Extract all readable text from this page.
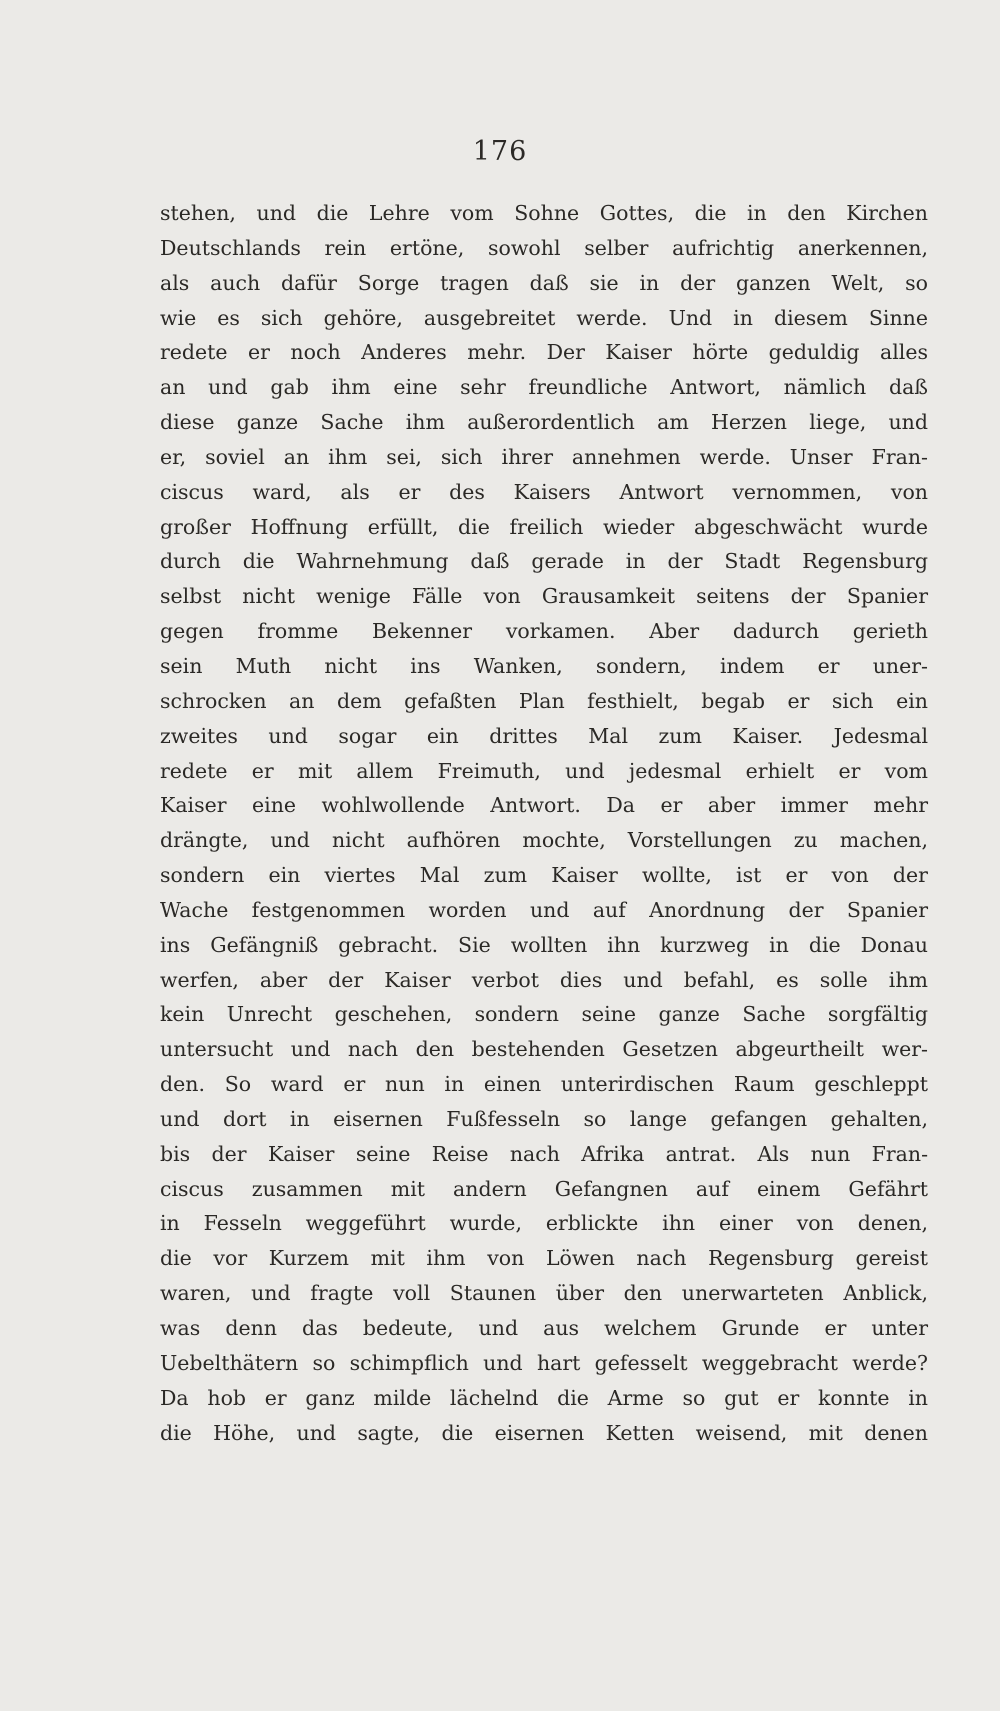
176
stehen, und die Lehre vom Sohne Gottes, die in den Kirchen
Deutschlands rein ertöne, sowohl selber aufrichtig anerkennen,
als auch dafür Sorge tragen daß sie in der ganzen Welt, so
wie es sich gehöre, ausgebreitet werde. Und in diesem Sinne
redete er noch Anderes mehr. Der Kaiser hörte geduldig alles
an und gab ihm eine sehr freundliche Antwort, nämlich daß
diese ganze Sache ihm außerordentlich am Herzen liege, und
er, soviel an ihm sei, sich ihrer annehmen werde. Unser Fran-
ciscus ward, als er des Kaisers Antwort vernommen, von
großer Hoffnung erfüllt, die freilich wieder abgeschwächt wurde
durch die Wahrnehmung daß gerade in der Stadt Regensburg
selbst nicht wenige Fälle von Grausamkeit seitens der Spanier
gegen fromme Bekenner vorkamen. Aber dadurch gerieth
sein Muth nicht ins Wanken, sondern, indem er uner-
schrocken an dem gefaßten Plan festhielt, begab er sich ein
zweites und sogar ein drittes Mal zum Kaiser. Jedesmal
redete er mit allem Freimuth, und jedesmal erhielt er vom
Kaiser eine wohlwollende Antwort. Da er aber immer mehr
drängte, und nicht aufhören mochte, Vorstellungen zu machen,
sondern ein viertes Mal zum Kaiser wollte, ist er von der
Wache festgenommen worden und auf Anordnung der Spanier
ins Gefängniß gebracht. Sie wollten ihn kurzweg in die Donau
werfen, aber der Kaiser verbot dies und befahl, es solle ihm
kein Unrecht geschehen, sondern seine ganze Sache sorgfältig
untersucht und nach den bestehenden Gesetzen abgeurtheilt wer-
den. So ward er nun in einen unterirdischen Raum geschleppt
und dort in eisernen Fußfesseln so lange gefangen gehalten,
bis der Kaiser seine Reise nach Afrika antrat. Als nun Fran-
ciscus zusammen mit andern Gefangnen auf einem Gefährt
in Fesseln weggeführt wurde, erblickte ihn einer von denen,
die vor Kurzem mit ihm von Löwen nach Regensburg gereist
waren, und fragte voll Staunen über den unerwarteten Anblick,
was denn das bedeute, und aus welchem Grunde er unter
Uebelthätern so schimpflich und hart gefesselt weggebracht werde?
Da hob er ganz milde lächelnd die Arme so gut er konnte in
die Höhe, und sagte, die eisernen Ketten weisend, mit denen
